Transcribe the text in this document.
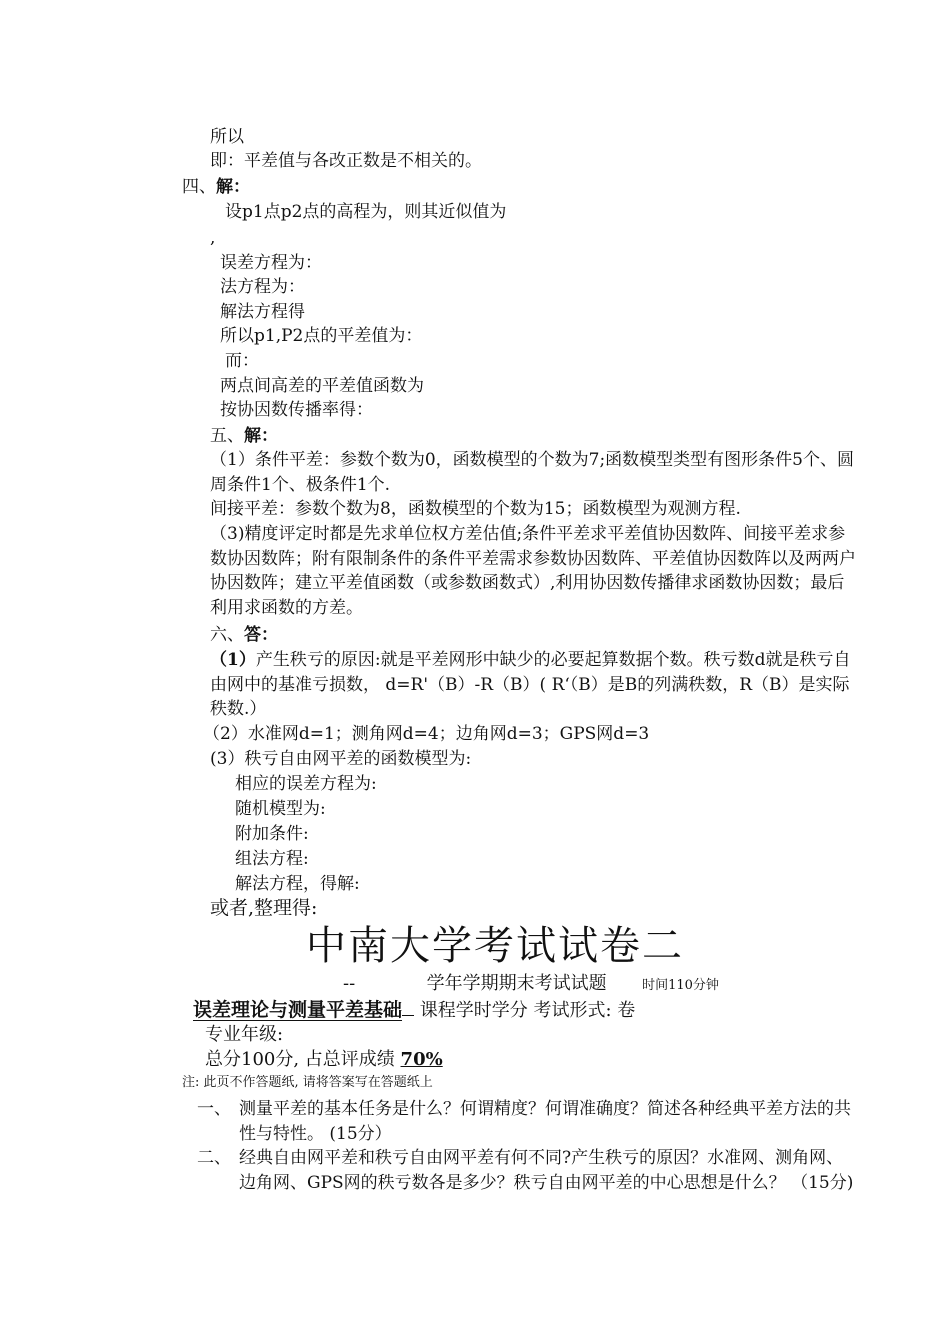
所以
即：平差值与各改正数是不相关的。
四、解：
设p1点p2点的高程为，则其近似值为
,
误差方程为：
法方程为：
解法方程得
所以p1,P2点的平差值为：
而：
两点间高差的平差值函数为
按协因数传播率得：
五、解：
（1）条件平差：参数个数为0，函数模型的个数为7;函数模型类型有图形条件5个、圆周条件1个、极条件1个.
间接平差：参数个数为8，函数模型的个数为15；函数模型为观测方程.
（3)精度评定时都是先求单位权方差估值;条件平差求平差值协因数阵、间接平差求参数协因数阵；附有限制条件的条件平差需求参数协因数阵、平差值协因数阵以及两两户协因数阵；建立平差值函数（或参数函数式）,利用协因数传播律求函数协因数；最后利用求函数的方差。
六、答：
（1）产生秩亏的原因:就是平差网形中缺少的必要起算数据个数。秩亏数d就是秩亏自由网中的基准亏损数， d=R'（B）-R（B）( R‘（B）是B的列满秩数，R（B）是实际秩数.）
（2）水准网d=1；测角网d=4；边角网d=3；GPS网d=3
(3）秩亏自由网平差的函数模型为:
相应的误差方程为:
随机模型为:
附加条件:
组法方程:
解法方程，得解:
或者,整理得:
中南大学考试试卷二
--	学年学期期末考试试题	时间110分钟
误差理论与测量平差基础 课程学时学分 考试形式: 卷
专业年级:
总分100分, 占总评成绩 70%
注: 此页不作答题纸, 请将答案写在答题纸上
一、 测量平差的基本任务是什么？何谓精度？何谓准确度？简述各种经典平差方法的共性与特性。 (15分）
二、 经典自由网平差和秩亏自由网平差有何不同?产生秩亏的原因？水准网、测角网、边角网、GPS网的秩亏数各是多少？秩亏自由网平差的中心思想是什么？ （15分)
